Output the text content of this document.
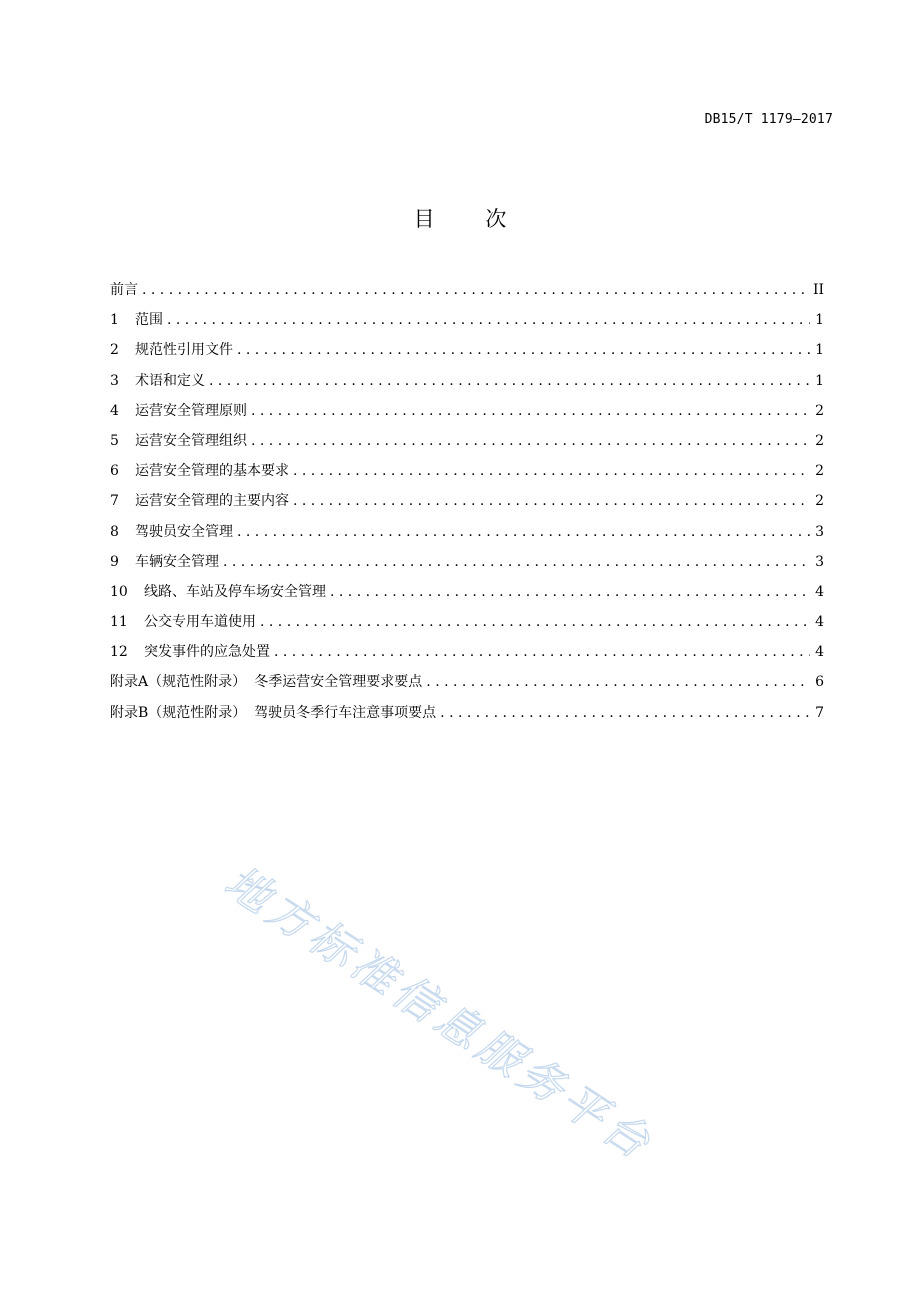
DB15/T 1179—2017
目 次
前言 . . .	II
1	范围 . . .	1
2	规范性引用文件 . . .	1
3	术语和定义 . . .	1
4	运营安全管理原则 . . .	2
5	运营安全管理组织 . . .	2
6	运营安全管理的基本要求 . . .	2
7	运营安全管理的主要内容 . . .	2
8	驾驶员安全管理 . . .	3
9	车辆安全管理 . . .	3
10	线路、车站及停车场安全管理 . . .	4
11	公交专用车道使用 . . .	4
12	突发事件的应急处置 . . .	4
附录A（规范性附录） 冬季运营安全管理要求要点 . . .	6
附录B（规范性附录） 驾驶员冬季行车注意事项要点 . . .	7
地方标准信息服务平台
